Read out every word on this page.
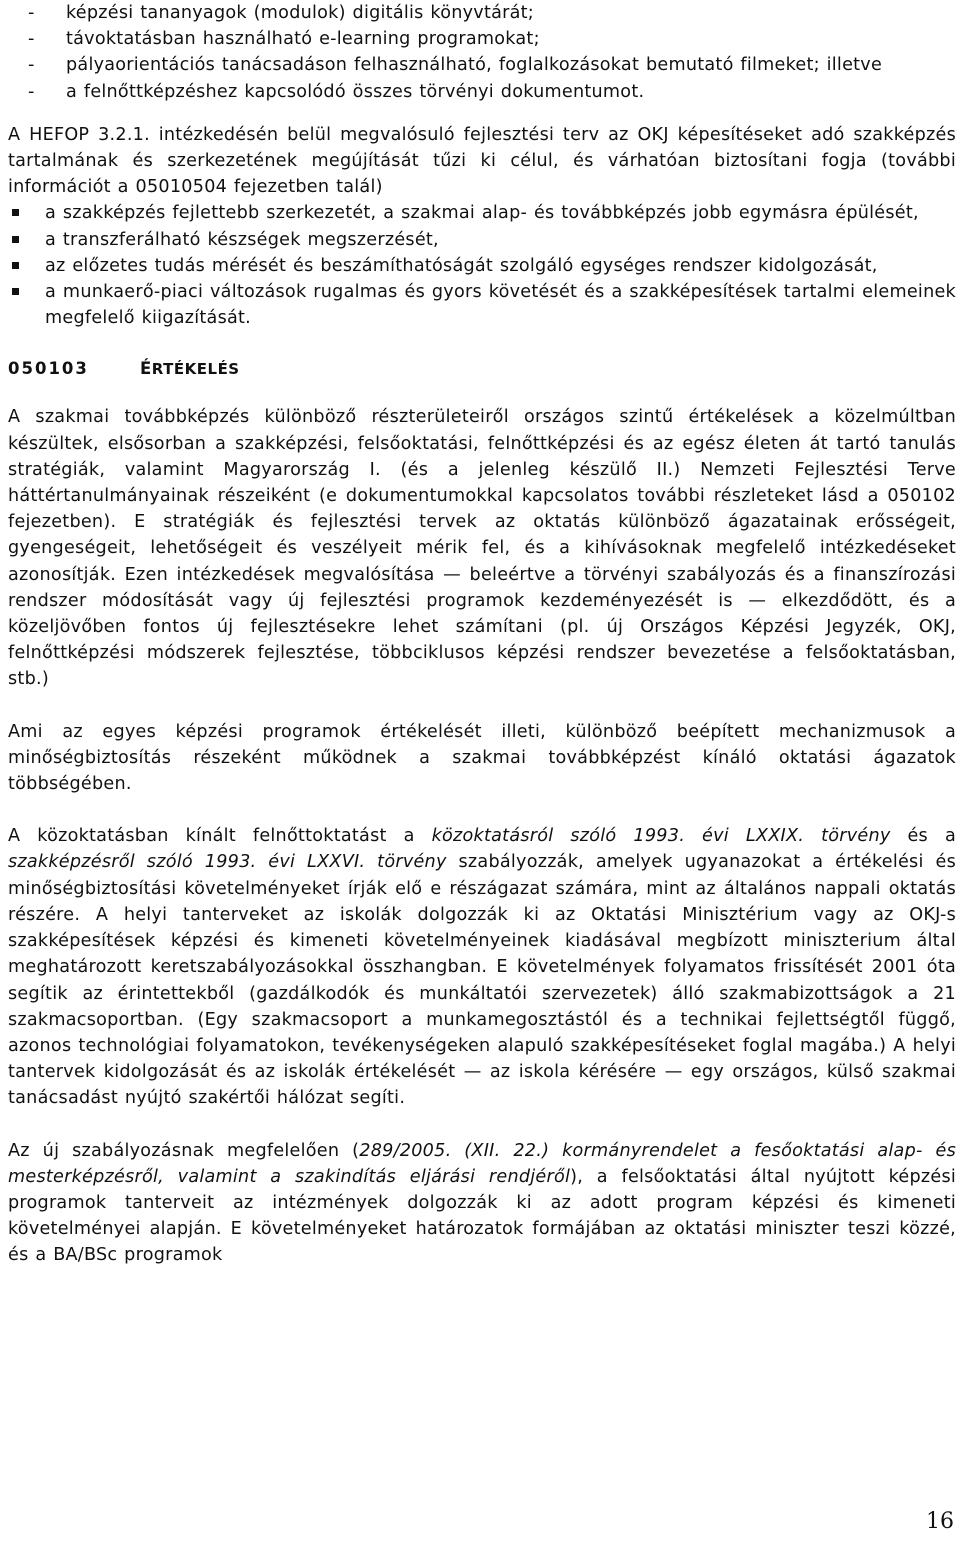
- képzési tananyagok (modulok) digitális könyvtárát;
- távoktatásban használható e-learning programokat;
- pályaorientációs tanácsadáson felhasználható, foglalkozásokat bemutató filmeket; illetve
- a felnőttképzéshez kapcsolódó összes törvényi dokumentumot.

A HEFOP 3.2.1. intézkedésén belül megvalósuló fejlesztési terv az OKJ képesítéseket adó szakképzés tartalmának és szerkezetének megújítását tűzi ki célul, és várhatóan biztosítani fogja (további információt a 05010504 fejezetben talál)

a szakképzés fejlettebb szerkezetét, a szakmai alap- és továbbképzés jobb egymásra épülését,
a transzferálható készségek megszerzését,
az előzetes tudás mérését és beszámíthatóságát szolgáló egységes rendszer kidolgozását,
a munkaerő-piaci változások rugalmas és gyors követését és a szakképesítések tartalmi elemeinek megfelelő kiigazítását.
050103	ÉRTÉKELÉS

A szakmai továbbképzés különböző részterületeiről országos szintű értékelések a közelmúltban készültek, elsősorban a szakképzési, felsőoktatási, felnőttképzési és az egész életen át tartó tanulás stratégiák, valamint Magyarország I. (és a jelenleg készülő II.) Nemzeti Fejlesztési Terve háttértanulmányainak részeiként (e dokumentumokkal kapcsolatos további részleteket lásd a 050102 fejezetben). E stratégiák és fejlesztési tervek az oktatás különböző ágazatainak erősségeit, gyengeségeit, lehetőségeit és veszélyeit mérik fel, és a kihívásoknak megfelelő intézkedéseket azonosítják. Ezen intézkedések megvalósítása — beleértve a törvényi szabályozás és a finanszírozási rendszer módosítását vagy új fejlesztési programok kezdeményezését is — elkezdődött, és a közeljövőben fontos új fejlesztésekre lehet számítani (pl. új Országos Képzési Jegyzék, OKJ, felnőttképzési módszerek fejlesztése, többciklusos képzési rendszer bevezetése a felsőoktatásban, stb.)

Ami az egyes képzési programok értékelését illeti, különböző beépített mechanizmusok a minőségbiztosítás részeként működnek a szakmai továbbképzést kínáló oktatási ágazatok többségében.

A közoktatásban kínált felnőttoktatást a közoktatásról szóló 1993. évi LXXIX. törvény és a szakképzésről szóló 1993. évi LXXVI. törvény szabályozzák, amelyek ugyanazokat a értékelési és minőségbiztosítási követelményeket írják elő e részágazat számára, mint az általános nappali oktatás részére. A helyi tanterveket az iskolák dolgozzák ki az Oktatási Minisztérium vagy az OKJ-s szakképesítések képzési és kimeneti követelményeinek kiadásával megbízott miniszterium által meghatározott keretszabályozásokkal összhangban. E követelmények folyamatos frissítését 2001 óta segítik az érintettekből (gazdálkodók és munkáltatói szervezetek) álló szakmabizottságok a 21 szakmacsoportban. (Egy szakmacsoport a munkamegosztástól és a technikai fejlettségtől függő, azonos technológiai folyamatokon, tevékenységeken alapuló szakképesítéseket foglal magába.) A helyi tantervek kidolgozását és az iskolák értékelését — az iskola kérésére — egy országos, külső szakmai tanácsadást nyújtó szakértői hálózat segíti.

Az új szabályozásnak megfelelően (289/2005. (XII. 22.) kormányrendelet a fesőoktatási alap- és mesterképzésről, valamint a szakindítás eljárási rendjéről), a felsőoktatási által nyújtott képzési programok tanterveit az intézmények dolgozzák ki az adott program képzési és kimeneti követelményei alapján. E követelményeket határozatok formájában az oktatási miniszter teszi közzé, és a BA/BSc programok

16
